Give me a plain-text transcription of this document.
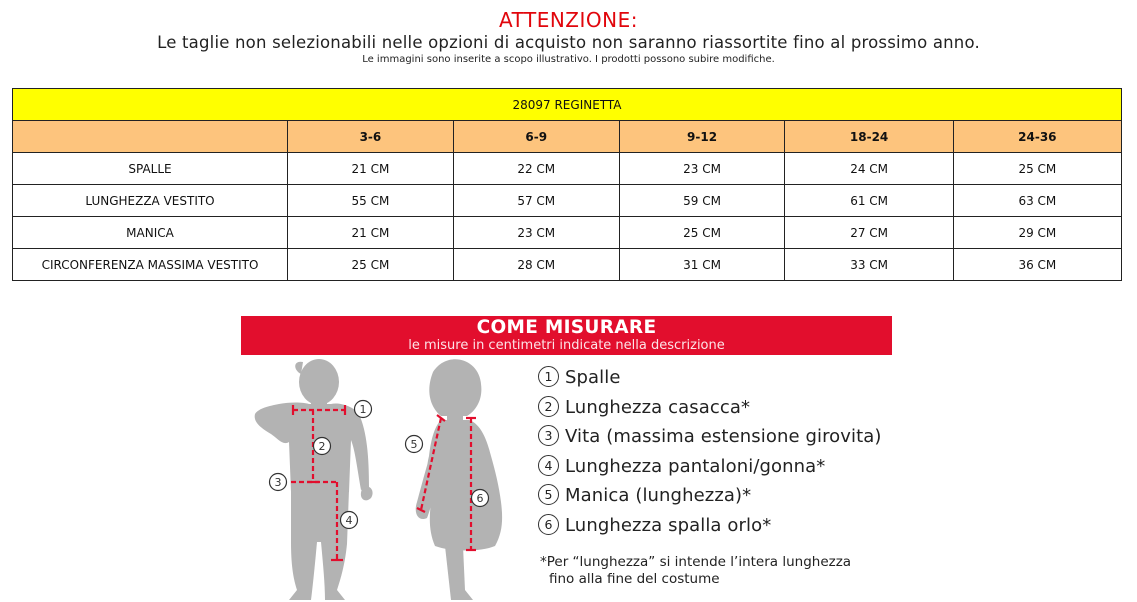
ATTENZIONE:
Le taglie non selezionabili nelle opzioni di acquisto non saranno riassortite fino al prossimo anno.
Le immagini sono inserite a scopo illustrativo. I prodotti possono subire modifiche.
28097 REGINETTA					
	3-6	6-9	9-12	18-24	24-36
SPALLE	21 CM	22 CM	23 CM	24 CM	25 CM
LUNGHEZZA VESTITO	55 CM	57 CM	59 CM	61 CM	63 CM
MANICA	21 CM	23 CM	25 CM	27 CM	29 CM
CIRCONFERENZA MASSIMA VESTITO	25 CM	28 CM	31 CM	33 CM	36 CM
COME MISURARE
le misure in centimetri indicate nella descrizione
1
2
3
4
5
6
1 Spalle
2 Lunghezza casacca*
3 Vita (massima estensione girovita)
4 Lunghezza pantaloni/gonna*
5 Manica (lunghezza)*
6 Lunghezza spalla orlo*
*Per “lunghezza” si intende l’intera lunghezza
fino alla fine del costume
